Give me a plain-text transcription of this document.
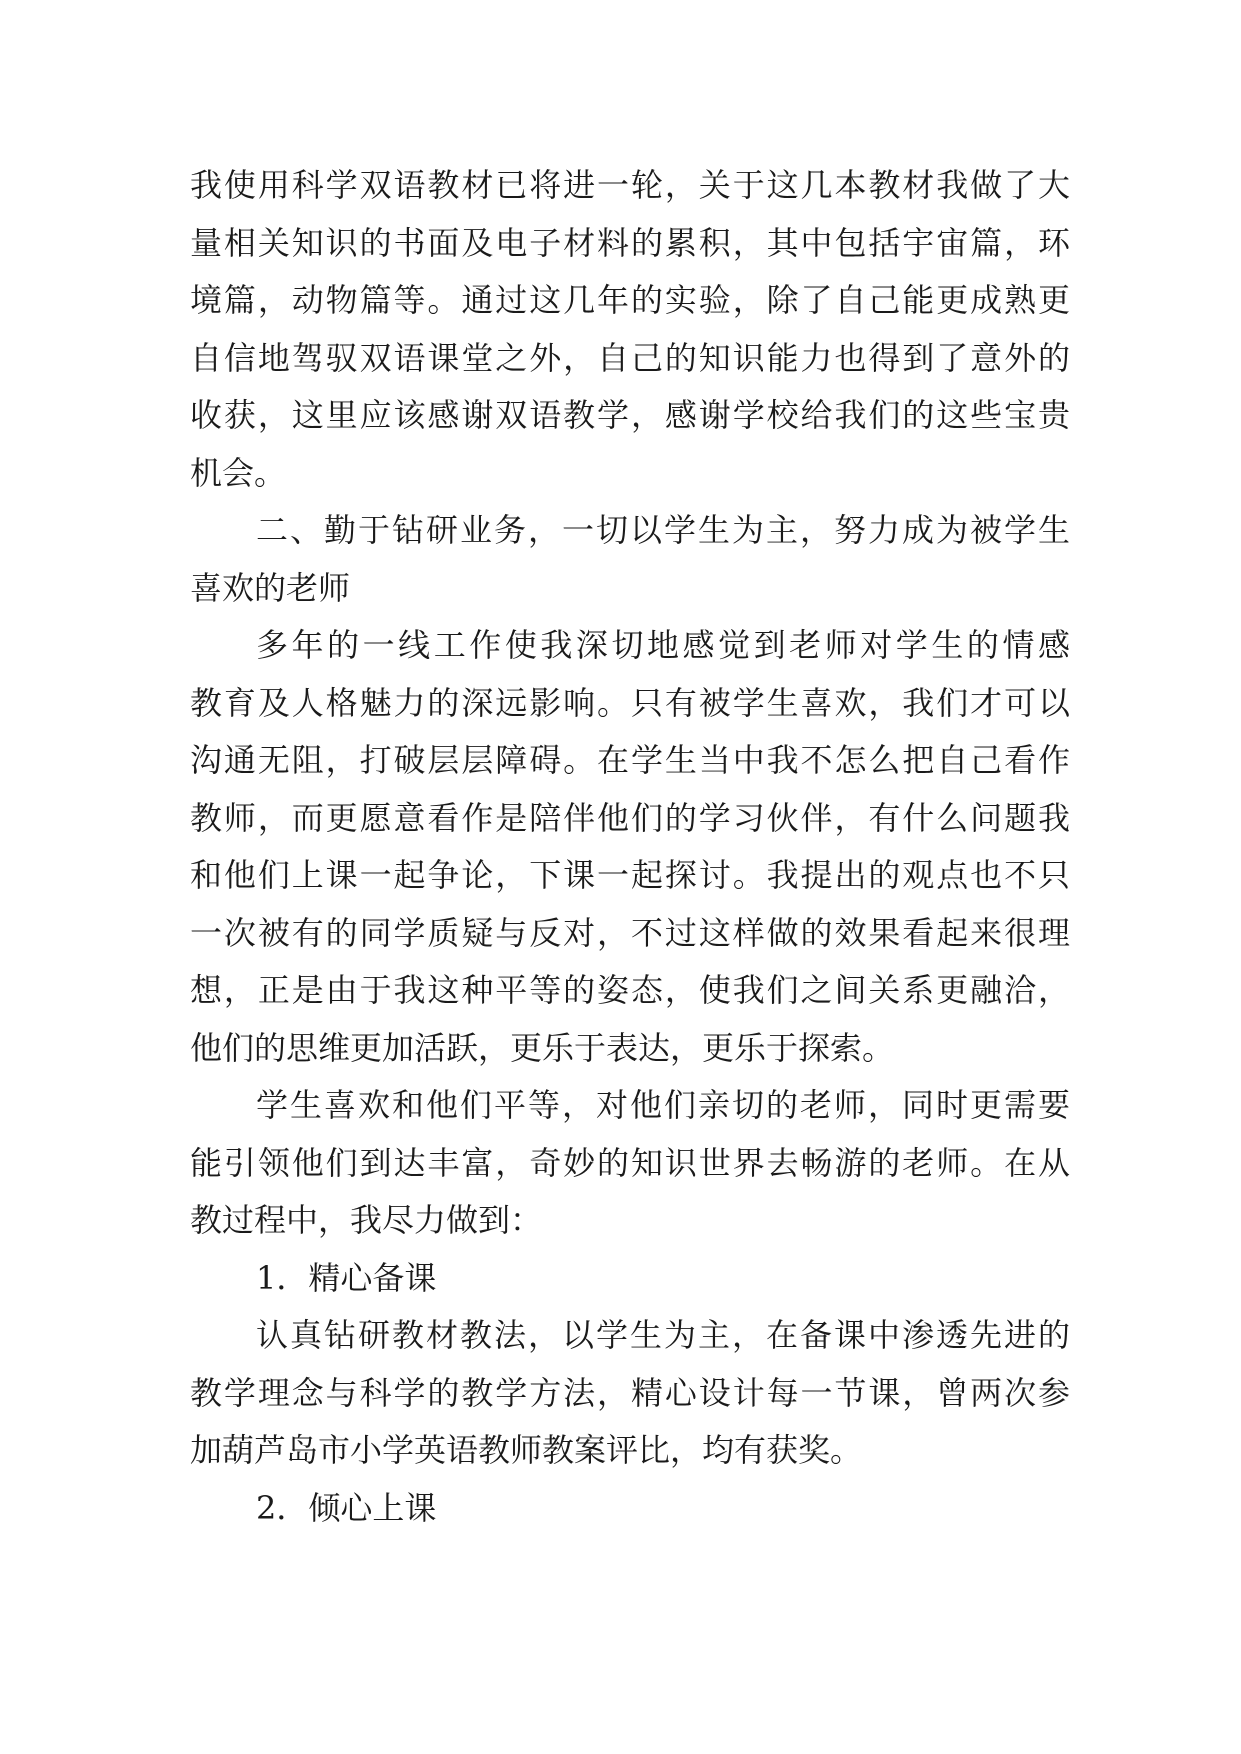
我使用科学双语教材已将进一轮，关于这几本教材我做了大
量相关知识的书面及电子材料的累积，其中包括宇宙篇，环
境篇，动物篇等。通过这几年的实验，除了自己能更成熟更
自信地驾驭双语课堂之外，自己的知识能力也得到了意外的
收获，这里应该感谢双语教学，感谢学校给我们的这些宝贵
机会。
二、勤于钻研业务，一切以学生为主，努力成为被学生
喜欢的老师
多年的一线工作使我深切地感觉到老师对学生的情感
教育及人格魅力的深远影响。只有被学生喜欢，我们才可以
沟通无阻，打破层层障碍。在学生当中我不怎么把自己看作
教师，而更愿意看作是陪伴他们的学习伙伴，有什么问题我
和他们上课一起争论，下课一起探讨。我提出的观点也不只
一次被有的同学质疑与反对，不过这样做的效果看起来很理
想，正是由于我这种平等的姿态，使我们之间关系更融洽，
他们的思维更加活跃，更乐于表达，更乐于探索。
学生喜欢和他们平等，对他们亲切的老师，同时更需要
能引领他们到达丰富，奇妙的知识世界去畅游的老师。在从
教过程中，我尽力做到：
1．精心备课
认真钻研教材教法，以学生为主，在备课中渗透先进的
教学理念与科学的教学方法，精心设计每一节课，曾两次参
加葫芦岛市小学英语教师教案评比，均有获奖。
2．倾心上课
